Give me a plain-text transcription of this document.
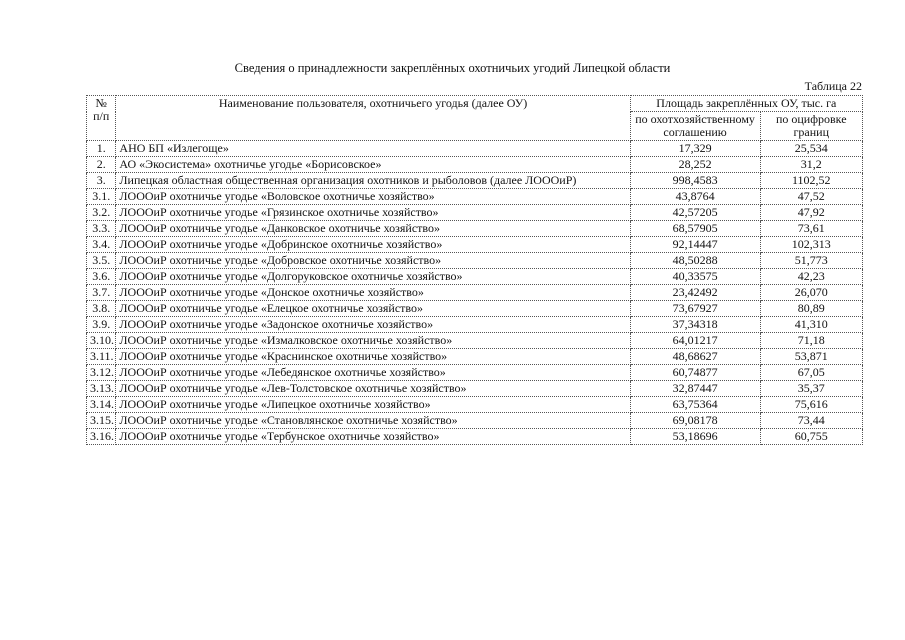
Сведения о принадлежности закреплённых охотничьих угодий Липецкой области
Таблица 22
№ п/п	Наименование пользователя, охотничьего угодья (далее ОУ)	Площадь закреплённых ОУ, тыс. га	
		по охотхозяйственному соглашению	по оцифровке границ
1.	АНО БП «Излегоще»	17,329	25,534
2.	АО «Экосистема» охотничье угодье «Борисовское»	28,252	31,2
3.	Липецкая областная общественная организация охотников и рыболовов (далее ЛОООиР)	998,4583	1102,52
3.1.	ЛОООиР охотничье угодье «Воловское охотничье хозяйство»	43,8764	47,52
3.2.	ЛОООиР охотничье угодье «Грязинское охотничье хозяйство»	42,57205	47,92
3.3.	ЛОООиР охотничье угодье «Данковское охотничье хозяйство»	68,57905	73,61
3.4.	ЛОООиР охотничье угодье «Добринское охотничье хозяйство»	92,14447	102,313
3.5.	ЛОООиР охотничье угодье «Добровское охотничье хозяйство»	48,50288	51,773
3.6.	ЛОООиР охотничье угодье «Долгоруковское охотничье хозяйство»	40,33575	42,23
3.7.	ЛОООиР охотничье угодье «Донское охотничье хозяйство»	23,42492	26,070
3.8.	ЛОООиР охотничье угодье «Елецкое охотничье хозяйство»	73,67927	80,89
3.9.	ЛОООиР охотничье угодье «Задонское охотничье хозяйство»	37,34318	41,310
3.10.	ЛОООиР охотничье угодье «Измалковское охотничье хозяйство»	64,01217	71,18
3.11.	ЛОООиР охотничье угодье «Краснинское охотничье хозяйство»	48,68627	53,871
3.12.	ЛОООиР охотничье угодье «Лебедянское охотничье хозяйство»	60,74877	67,05
3.13.	ЛОООиР охотничье угодье «Лев-Толстовское охотничье хозяйство»	32,87447	35,37
3.14.	ЛОООиР охотничье угодье «Липецкое охотничье хозяйство»	63,75364	75,616
3.15.	ЛОООиР охотничье угодье «Становлянское охотничье хозяйство»	69,08178	73,44
3.16.	ЛОООиР охотничье угодье «Тербунское охотничье хозяйство»	53,18696	60,755
